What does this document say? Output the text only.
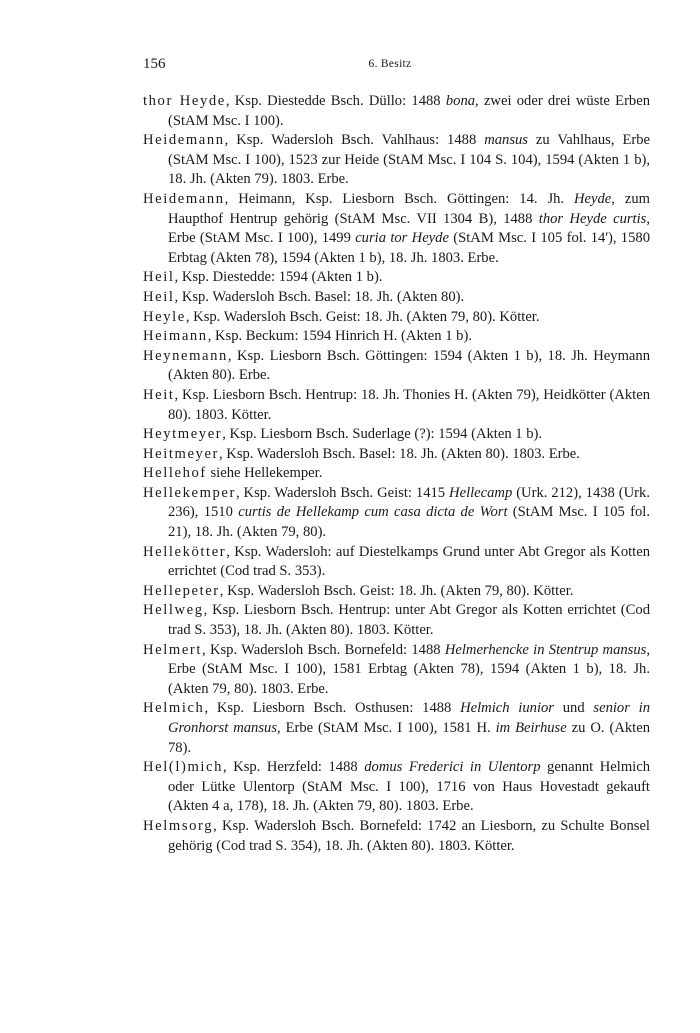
156	6. Besitz

thor Heyde, Ksp. Diestedde Bsch. Düllo: 1488 bona, zwei oder drei wüste Erben (StAM Msc. I 100).

Heidemann, Ksp. Wadersloh Bsch. Vahlhaus: 1488 mansus zu Vahlhaus, Erbe (StAM Msc. I 100), 1523 zur Heide (StAM Msc. I 104 S. 104), 1594 (Akten 1 b), 18. Jh. (Akten 79). 1803. Erbe.

Heidemann, Heimann, Ksp. Liesborn Bsch. Göttingen: 14. Jh. Heyde, zum Haupthof Hentrup gehörig (StAM Msc. VII 1304 B), 1488 thor Heyde curtis, Erbe (StAM Msc. I 100), 1499 curia tor Heyde (StAM Msc. I 105 fol. 14'), 1580 Erbtag (Akten 78), 1594 (Akten 1 b), 18. Jh. 1803. Erbe.

Heil, Ksp. Diestedde: 1594 (Akten 1 b).

Heil, Ksp. Wadersloh Bsch. Basel: 18. Jh. (Akten 80).

Heyle, Ksp. Wadersloh Bsch. Geist: 18. Jh. (Akten 79, 80). Kötter.

Heimann, Ksp. Beckum: 1594 Hinrich H. (Akten 1 b).

Heynemann, Ksp. Liesborn Bsch. Göttingen: 1594 (Akten 1 b), 18. Jh. Heymann (Akten 80). Erbe.

Heit, Ksp. Liesborn Bsch. Hentrup: 18. Jh. Thonies H. (Akten 79), Heidkötter (Akten 80). 1803. Kötter.

Heytmeyer, Ksp. Liesborn Bsch. Suderlage (?): 1594 (Akten 1 b).

Heitmeyer, Ksp. Wadersloh Bsch. Basel: 18. Jh. (Akten 80). 1803. Erbe.

Hellehof siehe Hellekemper.

Hellekemper, Ksp. Wadersloh Bsch. Geist: 1415 Hellecamp (Urk. 212), 1438 (Urk. 236), 1510 curtis de Hellekamp cum casa dicta de Wort (StAM Msc. I 105 fol. 21), 18. Jh. (Akten 79, 80).

Hellekötter, Ksp. Wadersloh: auf Diestelkamps Grund unter Abt Gregor als Kotten errichtet (Cod trad S. 353).

Hellepeter, Ksp. Wadersloh Bsch. Geist: 18. Jh. (Akten 79, 80). Kötter.

Hellweg, Ksp. Liesborn Bsch. Hentrup: unter Abt Gregor als Kotten errichtet (Cod trad S. 353), 18. Jh. (Akten 80). 1803. Kötter.

Helmert, Ksp. Wadersloh Bsch. Bornefeld: 1488 Helmerhencke in Stentrup mansus, Erbe (StAM Msc. I 100), 1581 Erbtag (Akten 78), 1594 (Akten 1 b), 18. Jh. (Akten 79, 80). 1803. Erbe.

Helmich, Ksp. Liesborn Bsch. Osthusen: 1488 Helmich iunior und senior in Gronhorst mansus, Erbe (StAM Msc. I 100), 1581 H. im Beirhuse zu O. (Akten 78).

Hel(l)mich, Ksp. Herzfeld: 1488 domus Frederici in Ulentorp genannt Helmich oder Lütke Ulentorp (StAM Msc. I 100), 1716 von Haus Hovestadt gekauft (Akten 4 a, 178), 18. Jh. (Akten 79, 80). 1803. Erbe.

Helmsorg, Ksp. Wadersloh Bsch. Bornefeld: 1742 an Liesborn, zu Schulte Bonsel gehörig (Cod trad S. 354), 18. Jh. (Akten 80). 1803. Kötter.
